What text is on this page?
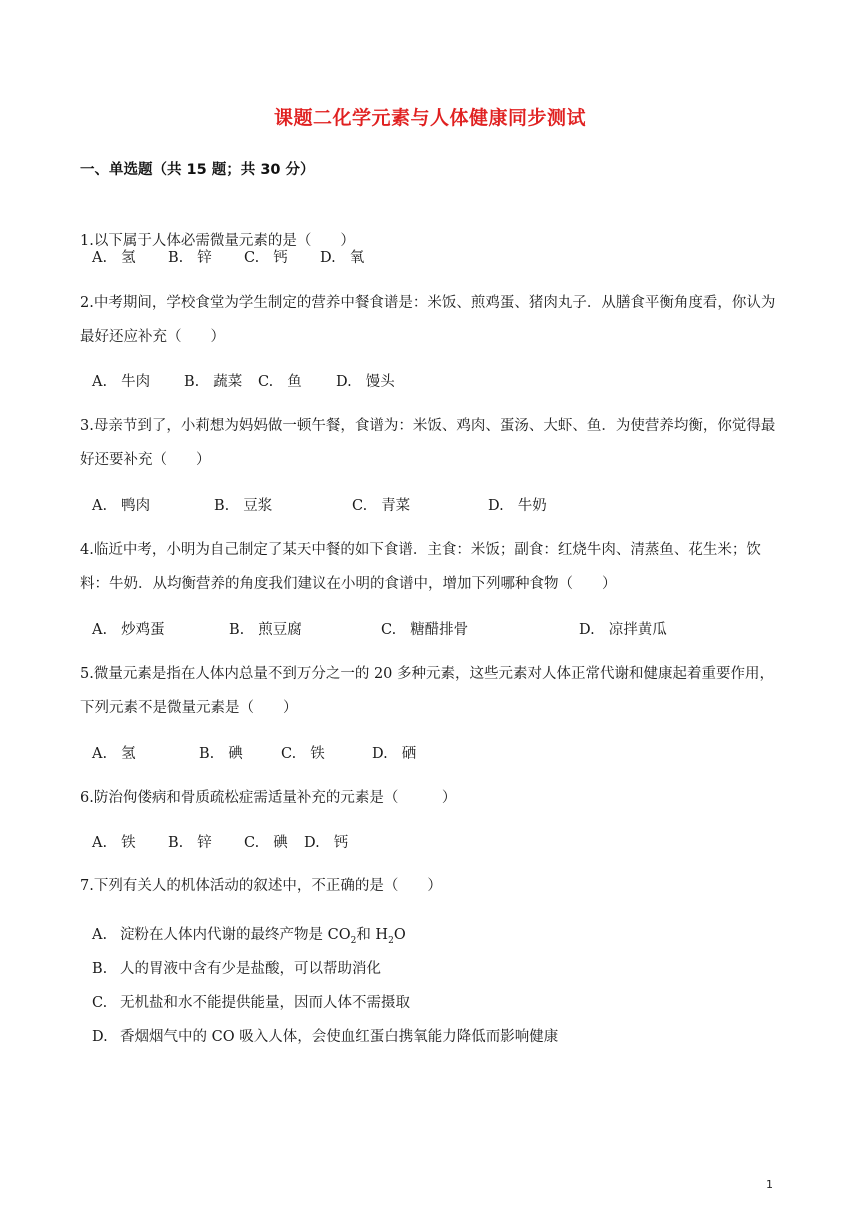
课题二化学元素与人体健康同步测试
一、单选题（共 15 题；共 30 分）
1.以下属于人体必需微量元素的是（　　）
A. 氢 B. 锌 C. 钙 D. 氧
2.中考期间，学校食堂为学生制定的营养中餐食谱是：米饭、煎鸡蛋、猪肉丸子．从膳食平衡角度看，你认为最好还应补充（　　）
A. 牛肉 B. 蔬菜 C. 鱼 D. 馒头
3.母亲节到了，小莉想为妈妈做一顿午餐，食谱为：米饭、鸡肉、蛋汤、大虾、鱼．为使营养均衡，你觉得最好还要补充（　　）
A. 鸭肉	B. 豆浆	C. 青菜	D. 牛奶
4.临近中考，小明为自己制定了某天中餐的如下食谱．主食：米饭；副食：红烧牛肉、清蒸鱼、花生米；饮料：牛奶．从均衡营养的角度我们建议在小明的食谱中，增加下列哪种食物（　　）
A. 炒鸡蛋	B. 煎豆腐	C. 糖醋排骨	D. 凉拌黄瓜
5.微量元素是指在人体内总量不到万分之一的 20 多种元素，这些元素对人体正常代谢和健康起着重要作用，下列元素不是微量元素是（　　）
A. 氢	B. 碘	C. 铁	D. 硒
6.防治佝偻病和骨质疏松症需适量补充的元素是（　　　）
A. 铁 B. 锌 C. 碘 D. 钙
7.下列有关人的机体活动的叙述中，不正确的是（　　）
A. 淀粉在人体内代谢的最终产物是 $CO_2$和 $H_2O$
B. 人的胃液中含有少是盐酸，可以帮助消化
C. 无机盐和水不能提供能量，因而人体不需摄取
D. 香烟烟气中的 CO 吸入人体，会使血红蛋白携氧能力降低而影响健康
1
